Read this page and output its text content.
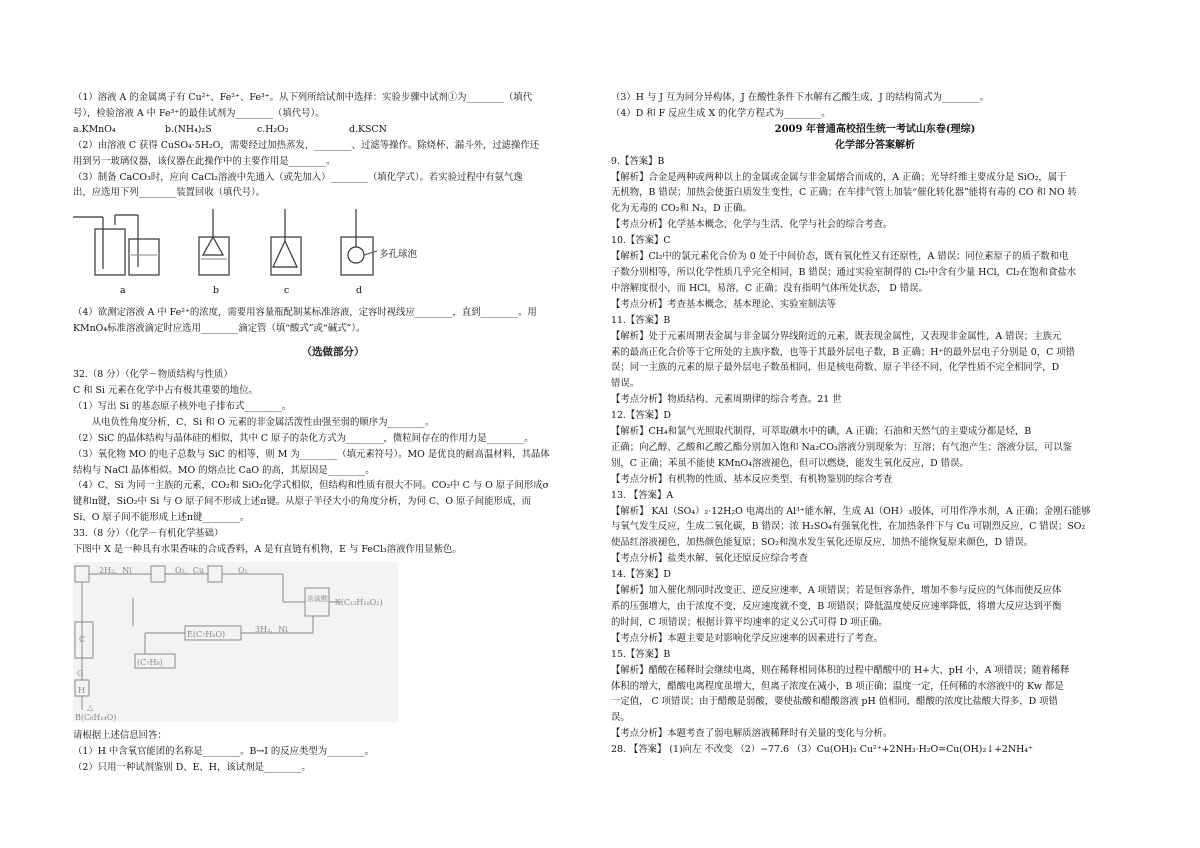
（1）溶液 A 的金属离子有 Cu²⁺、Fe²⁺、Fe³⁺。从下列所给试剂中选择：实验步骤中试剂①为________（填代

号），检验溶液 A 中 Fe³⁺的最佳试剂为________（填代号）。

a.KMnO₄	b.(NH₄)₂S	c.H₂O₂	d.KSCN

（2）由溶液 C 获得 CuSO₄·5H₂O，需要经过加热蒸发，________、过滤等操作。除烧杯、漏斗外，过滤操作还

用到另一玻璃仪器，该仪器在此操作中的主要作用是________。

（3）制备 CaCO₃时，应向 CaCl₂溶液中先通入（或先加入）________（填化学式）。若实验过程中有氨气逸

出，应选用下列________装置回收（填代号）。

多孔球泡
a	b	c	d

（4）欲测定溶液 A 中 Fe²⁺的浓度，需要用容量瓶配制某标准溶液，定容时视线应________，直到________。用

KMnO₄标准溶液滴定时应选用________滴定管（填“酸式”或“碱式”）。

（选做部分）

32.（8 分）（化学－物质结构与性质）

C 和 Si 元素在化学中占有极其重要的地位。

（1）写出 Si 的基态原子核外电子排布式________。

　　从电负性角度分析，C、Si 和 O 元素的非金属活泼性由强至弱的顺序为________。

（2）SiC 的晶体结构与晶体硅的相似，其中 C 原子的杂化方式为________，微粒间存在的作用力是________。

（3）氧化物 MO 的电子总数与 SiC 的相等，则 M 为________（填元素符号）。MO 是优良的耐高温材料，其晶体

结构与 NaCl 晶体相似。MO 的熔点比 CaO 的高，其原因是________。

（4）C、Si 为同一主族的元素，CO₂和 SiO₂化学式相似，但结构和性质有很大不同。CO₂中 C 与 O 原子间形成σ

键和π键，SiO₂中 Si 与 O 原子间不形成上述π键。从原子半径大小的角度分析，为何 C、O 原子间能形成，而

Si、O 原子间不能形成上述π键________。

33.（8 分）（化学－有机化学基础）

下图中 X 是一种具有水果香味的合成香料，A 是有直链有机物，E 与 FeCl₃溶液作用显紫色。

2H₂，Ni	O₂，Cu	O₂
浓硫酸 X(C₁₃H₁₈O₂)
E(C₇H₈O)
3H₂，Ni
(C₇H₈)
C
G
H
△
B(C₆H₁₄O)

请根据上述信息回答：

（1）H 中含氧官能团的名称是________。B→I 的反应类型为________。

（2）只用一种试剂鉴别 D、E、H，该试剂是________。

（3）H 与 J 互为同分异构体，J 在酸性条件下水解有乙酸生成，J 的结构简式为________。

（4）D 和 F 反应生成 X 的化学方程式为________。

2009 年普通高校招生统一考试山东卷(理综)

化学部分答案解析

9.【答案】B

【解析】合金是两种或两种以上的金属或金属与非金属熔合而成的，A 正确；光导纤维主要成分是 SiO₂，属于

无机物，B 错误；加热会使蛋白质发生变性，C 正确；在车排气管上加装“催化转化器”能将有毒的 CO 和 NO 转

化为无毒的 CO₂和 N₂，D 正确。

【考点分析】化学基本概念、化学与生活、化学与社会的综合考查。

10.【答案】C

【解析】Cl₂中的氯元素化合价为 0 处于中间价态，既有氧化性又有还原性，A 错误；同位素原子的质子数和电

子数分别相等，所以化学性质几乎完全相同，B 错误；通过实验室制得的 Cl₂中含有少量 HCl，Cl₂在饱和食盐水

中溶解度很小，而 HCl，易溶，C 正确；没有指明气体所处状态， D 错误。

【考点分析】考查基本概念、基本理论、实验室制法等

11.【答案】B

【解析】处于元素周期表金属与非金属分界线附近的元素，既表现金属性，又表现非金属性，A 错误；主族元

素的最高正化合价等于它所处的主族序数，也等于其最外层电子数，B 正确；H⁺的最外层电子分别是 0，C 项错

误；同一主族的元素的原子最外层电子数虽相同，但是核电荷数、原子半径不同，化学性质不完全相同学，D

错误。

【考点分析】物质结构、元素周期律的综合考查。21 世

12.【答案】D

【解析】CH₄和氯气光照取代制得，可萃取碘水中的碘，A 正确；石油和天然气的主要成分都是烃，B

正确；向乙醇、乙酸和乙酸乙酯分别加入饱和 Na₂CO₃溶液分别现象为：互溶；有气泡产生；溶液分层，可以鉴

别，C 正确；苯虽不能使 KMnO₄溶液褪色，但可以燃烧，能发生氧化反应，D 错误。

【考点分析】有机物的性质、基本反应类型、有机物鉴别的综合考查

13. 【答案】A

【解析】 KAl（SO₄）₂·12H₂O 电离出的 Al³⁺能水解，生成 Al（OH）₃胶体，可用作净水剂，A 正确；金刚石能够

与氧气发生反应，生成二氧化碳，B 错误；浓 H₂SO₄有强氧化性，在加热条件下与 Cu 可剧烈反应，C 错误；SO₂

使品红溶液褪色，加热颜色能复原；SO₂和溴水发生氧化还原反应，加热不能恢复原来颜色，D 错误。

【考点分析】盐类水解、氧化还原反应综合考查

14.【答案】D

【解析】加入催化剂同时改变正、逆反应速率，A 项错误；若是恒容条件，增加不参与反应的气体而使反应体

系的压强增大，由于浓度不变，反应速度就不变，B 项错误；降低温度使反应速率降低，将增大反应达到平衡

的时间，C 项错误；根据计算平均速率的定义公式可得 D 项正确。

【考点分析】本题主要是对影响化学反应速率的因素进行了考查。

15.【答案】B

【解析】醋酸在稀释时会继续电离，则在稀释相同体积的过程中醋酸中的 H+大、pH 小，A 项错误；随着稀释

体积的增大，醋酸电离程度虽增大，但离子浓度在减小，B 项正确；温度一定，任何稀的水溶液中的 Kw 都是

一定值， C 项错误；由于醋酸是弱酸，要使盐酸和醋酸溶液 pH 值相同，醋酸的浓度比盐酸大得多，D 项错

误。

【考点分析】本题考查了弱电解质溶液稀释时有关量的变化与分析。

28. 【答案】 (1)向左 不改变 （2）−77.6 （3）Cu(OH)₂ Cu²⁺+2NH₃·H₂O=Cu(OH)₂↓+2NH₄⁺
